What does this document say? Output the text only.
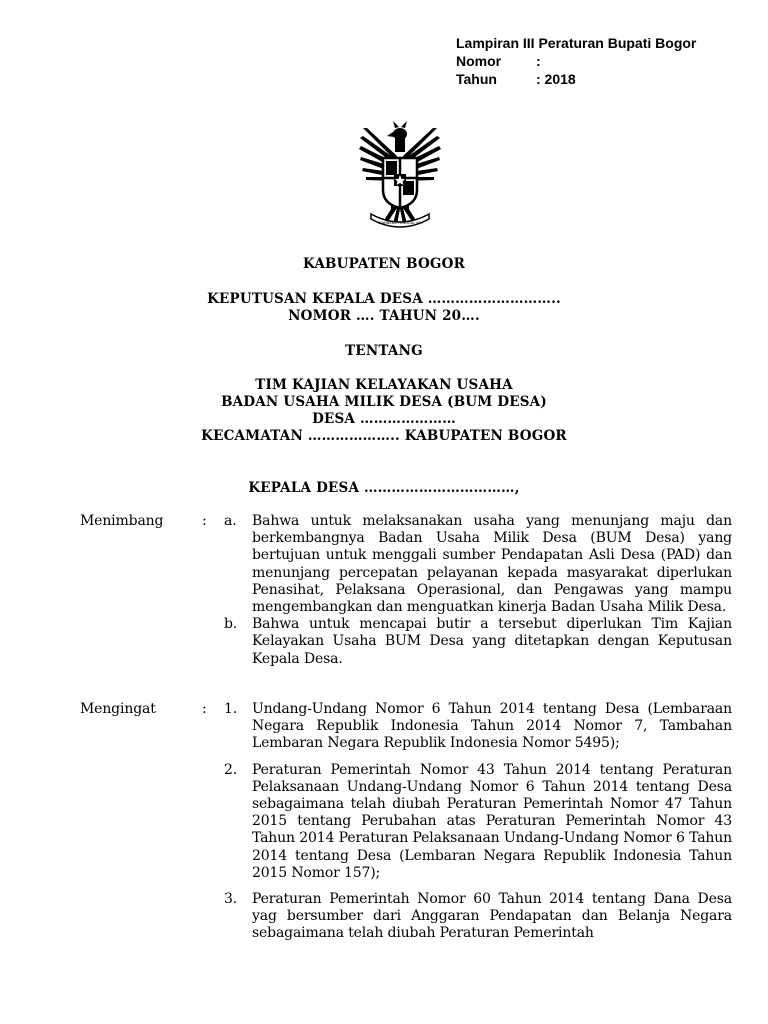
Lampiran III Peraturan Bupati Bogor
Nomor	:
Tahun	: 2018
BHINNEKA TUNGGAL IKA
KABUPATEN BOGOR
KEPUTUSAN KEPALA DESA ………………………..
NOMOR …. TAHUN 20….
TENTANG
TIM KAJIAN KELAYAKAN USAHA
BADAN USAHA MILIK DESA (BUM DESA)
DESA …………………
KECAMATAN ……………….. KABUPATEN BOGOR
KEPALA DESA ……………………………,
Menimbang	:	a.	Bahwa untuk melaksanakan usaha yang menunjang maju dan berkembangnya Badan Usaha Milik Desa (BUM Desa) yang bertujuan untuk menggali sumber Pendapatan Asli Desa (PAD) dan menunjang percepatan pelayanan kepada masyarakat diperlukan Penasihat, Pelaksana Operasional, dan Pengawas yang mampu mengembangkan dan menguatkan kinerja Badan Usaha Milik Desa.
b.	Bahwa untuk mencapai butir a tersebut diperlukan Tim Kajian Kelayakan Usaha BUM Desa yang ditetapkan dengan Keputusan Kepala Desa.
Mengingat	:	1.	Undang-Undang Nomor 6 Tahun 2014 tentang Desa (Lembaraan Negara Republik Indonesia Tahun 2014 Nomor 7, Tambahan Lembaran Negara Republik Indonesia Nomor 5495);
2.	Peraturan Pemerintah Nomor 43 Tahun 2014 tentang Peraturan Pelaksanaan Undang-Undang Nomor 6 Tahun 2014 tentang Desa sebagaimana telah diubah Peraturan Pemerintah Nomor 47 Tahun 2015 tentang Perubahan atas Peraturan Pemerintah Nomor 43 Tahun 2014 Peraturan Pelaksanaan Undang-Undang Nomor 6 Tahun 2014 tentang Desa (Lembaran Negara Republik Indonesia Tahun 2015 Nomor 157);
3.	Peraturan Pemerintah Nomor 60 Tahun 2014 tentang Dana Desa yag bersumber dari Anggaran Pendapatan dan Belanja Negara sebagaimana telah diubah Peraturan Pemerintah
